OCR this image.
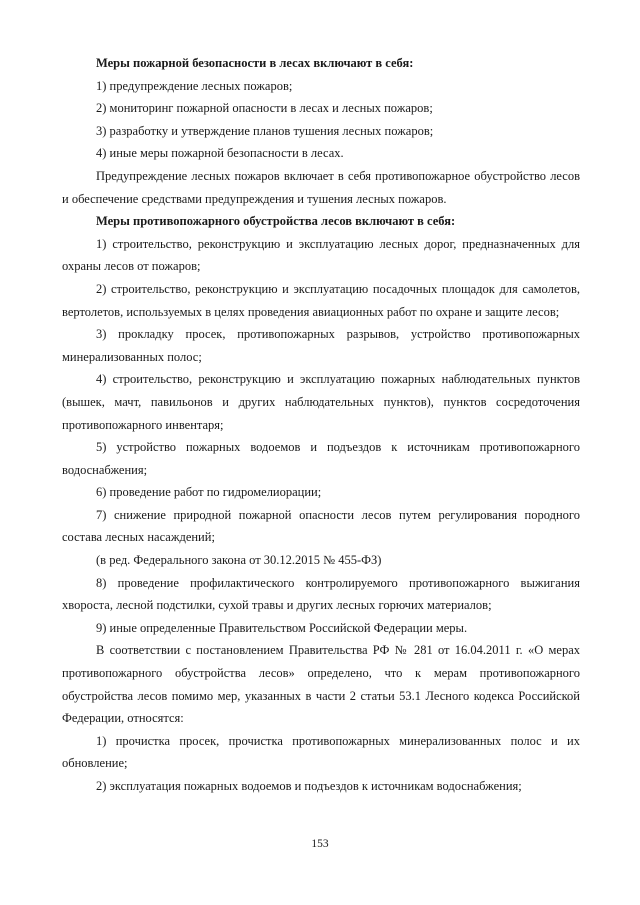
Меры пожарной безопасности в лесах включают в себя:

1) предупреждение лесных пожаров;

2) мониторинг пожарной опасности в лесах и лесных пожаров;

3) разработку и утверждение планов тушения лесных пожаров;

4) иные меры пожарной безопасности в лесах.

Предупреждение лесных пожаров включает в себя противопожарное обустройство лесов и обеспечение средствами предупреждения и тушения лесных пожаров.

Меры противопожарного обустройства лесов включают в себя:

1) строительство, реконструкцию и эксплуатацию лесных дорог, предназначенных для охраны лесов от пожаров;

2) строительство, реконструкцию и эксплуатацию посадочных площадок для самолетов, вертолетов, используемых в целях проведения авиационных работ по охране и защите лесов;

3) прокладку просек, противопожарных разрывов, устройство противопожарных минерализованных полос;

4) строительство, реконструкцию и эксплуатацию пожарных наблюдательных пунктов (вышек, мачт, павильонов и других наблюдательных пунктов), пунктов сосредоточения противопожарного инвентаря;

5) устройство пожарных водоемов и подъездов к источникам противопожарного водоснабжения;

6) проведение работ по гидромелиорации;

7) снижение природной пожарной опасности лесов путем регулирования породного состава лесных насаждений;

(в ред. Федерального закона от 30.12.2015 № 455-ФЗ)

8) проведение профилактического контролируемого противопожарного выжигания хвороста, лесной подстилки, сухой травы и других лесных горючих материалов;

9) иные определенные Правительством Российской Федерации меры.

В соответствии с постановлением Правительства РФ № 281 от 16.04.2011 г. «О мерах противопожарного обустройства лесов» определено, что к мерам противопожарного обустройства лесов помимо мер, указанных в части 2 статьи 53.1 Лесного кодекса Российской Федерации, относятся:

1) прочистка просек, прочистка противопожарных минерализованных полос и их обновление;

2) эксплуатация пожарных водоемов и подъездов к источникам водоснабжения;

153
